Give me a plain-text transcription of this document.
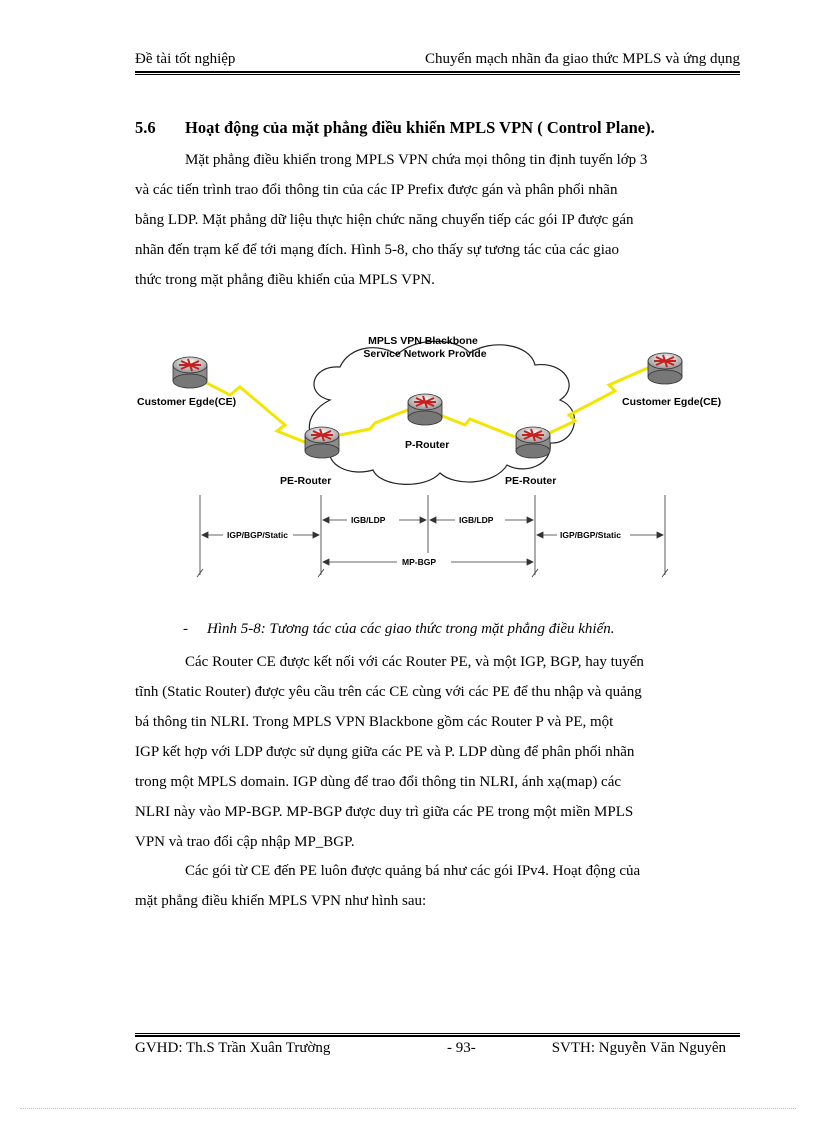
Đề tài tốt nghiệp	Chuyển mạch nhãn đa giao thức MPLS và ứng dụng
5.6 Hoạt động của mặt phẳng điều khiển MPLS VPN ( Control Plane).

Mặt phẳng điều khiển trong MPLS VPN chứa mọi thông tin định tuyến lớp 3
và các tiến trình trao đổi thông tin của các IP Prefix được gán và phân phối nhãn
bằng LDP. Mặt phẳng dữ liệu thực hiện chức năng chuyển tiếp các gói IP được gán
nhãn đến trạm kế để tới mạng đích. Hình 5-8, cho thấy sự tương tác của các giao
thức trong mặt phẳng điều khiển của MPLS VPN.

MPLS VPN Blackbone
Service Network Provide
Customer Egde(CE)	Customer Egde(CE)
PE-Router	PE-Router
P-Router
IGP/BGP/Static
IGB/LDP	IGB/LDP
IGP/BGP/Static
MP-BGP
- Hình 5-8: Tương tác của các giao thức trong mặt phẳng điều khiển.

Các Router CE được kết nối với các Router PE, và một IGP, BGP, hay tuyến
tĩnh (Static Router) được yêu cầu trên các CE cùng với các PE để thu nhập và quảng
bá thông tin NLRI. Trong MPLS VPN Blackbone gồm các Router P và PE, một
IGP kết hợp với LDP được sử dụng giữa các PE và P. LDP dùng để phân phối nhãn
trong một MPLS domain. IGP dùng để trao đổi thông tin NLRI, ánh xạ(map) các
NLRI này vào MP-BGP. MP-BGP được duy trì giữa các PE trong một miền MPLS
VPN và trao đổi cập nhập MP_BGP.

Các gói từ CE đến PE luôn được quảng bá như các gói IPv4. Hoạt động của
mặt phẳng điều khiển MPLS VPN như hình sau:

GVHD: Th.S Trần Xuân Trường	- 93-	SVTH: Nguyễn Văn Nguyên
